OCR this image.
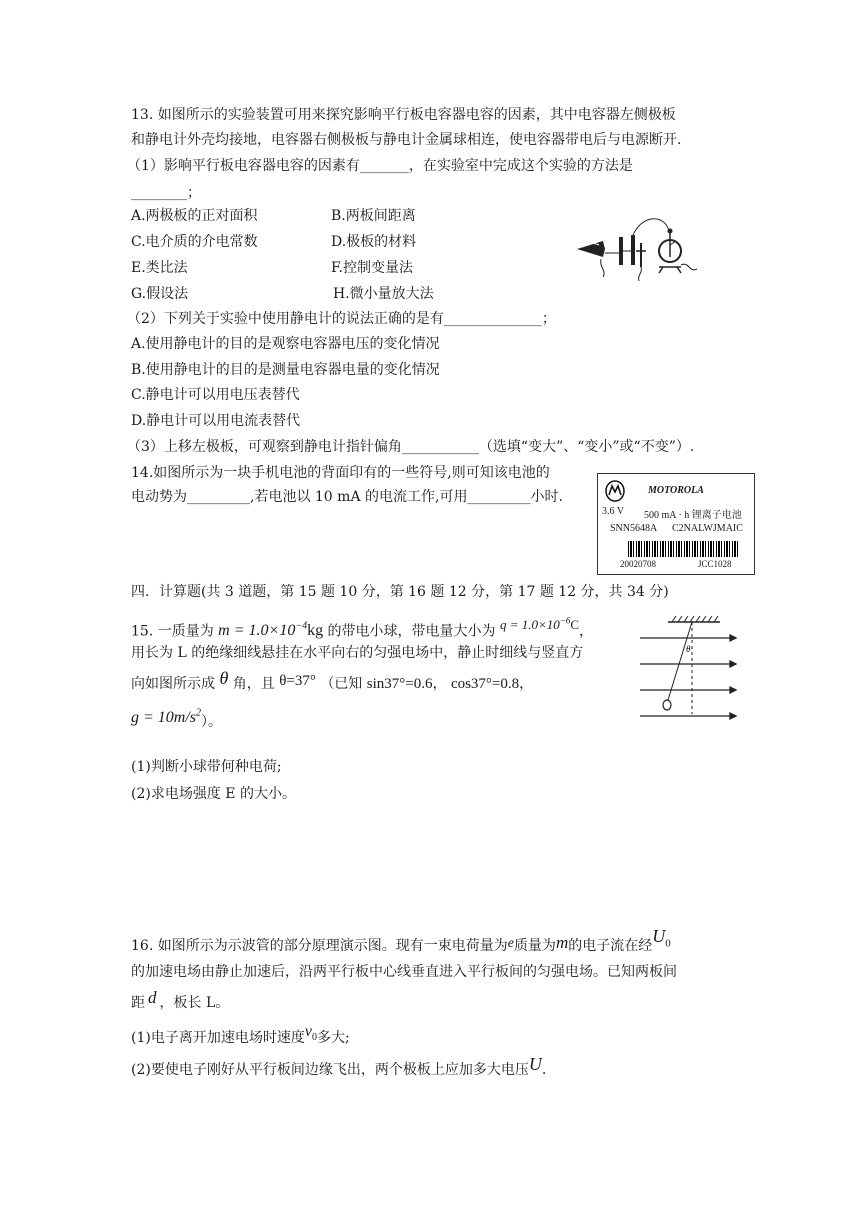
13. 如图所示的实验装置可用来探究影响平行板电容器电容的因素，其中电容器左侧极板
和静电计外壳均接地，电容器右侧极板与静电计金属球相连，使电容器带电后与电源断开.
（1）影响平行板电容器电容的因素有_______，在实验室中完成这个实验的方法是
________；
A.两极板的正对面积	B.两板间距离
C.电介质的介电常数	D.极板的材料
E.类比法	F.控制变量法
G.假设法	H.微小量放大法
（2）下列关于实验中使用静电计的说法正确的是有______________；
A.使用静电计的目的是观察电容器电压的变化情况
B.使用静电计的目的是测量电容器电量的变化情况
C.静电计可以用电压表替代
D.静电计可以用电流表替代
（3）上移左极板，可观察到静电计指针偏角___________（选填“变大”、“变小”或“不变”）.
14.如图所示为一块手机电池的背面印有的一些符号,则可知该电池的
电动势为_________,若电池以 10 mA 的电流工作,可用_________小时.	MOTOROLA
3.6 V 500 mA · h 锂离子电池
SNN5648A C2NALWJMAIC
20020708	JCC1028
四．计算题(共 3 道题，第 15 题 10 分，第 16 题 12 分，第 17 题 12 分，共 34 分)
15. 一质量为 $m = 1.0\times 10^{-4}kg$ 的带电小球，带电量大小为 $q = 1.0\times 10^{-6}C$，
用长为 L 的绝缘细线悬挂在水平向右的匀强电场中，静止时细线与竖直方
向如图所示成 θ 角，且 θ=37° （已知 sin37°=0.6， cos37°=0.8，
$g = 10m/s^2$）。
θ
(1)判断小球带何种电荷;
(2)求电场强度 E 的大小。
16. 如图所示为示波管的部分原理演示图。现有一束电荷量为e质量为m的电子流在经$U_0$
的加速电场由静止加速后，沿两平行板中心线垂直进入平行板间的匀强电场。已知两板间
距 d ，板长 L。
(1)电子离开加速电场时速度$v_0$多大;
(2)要使电子刚好从平行板间边缘飞出，两个极板上应加多大电压U.
